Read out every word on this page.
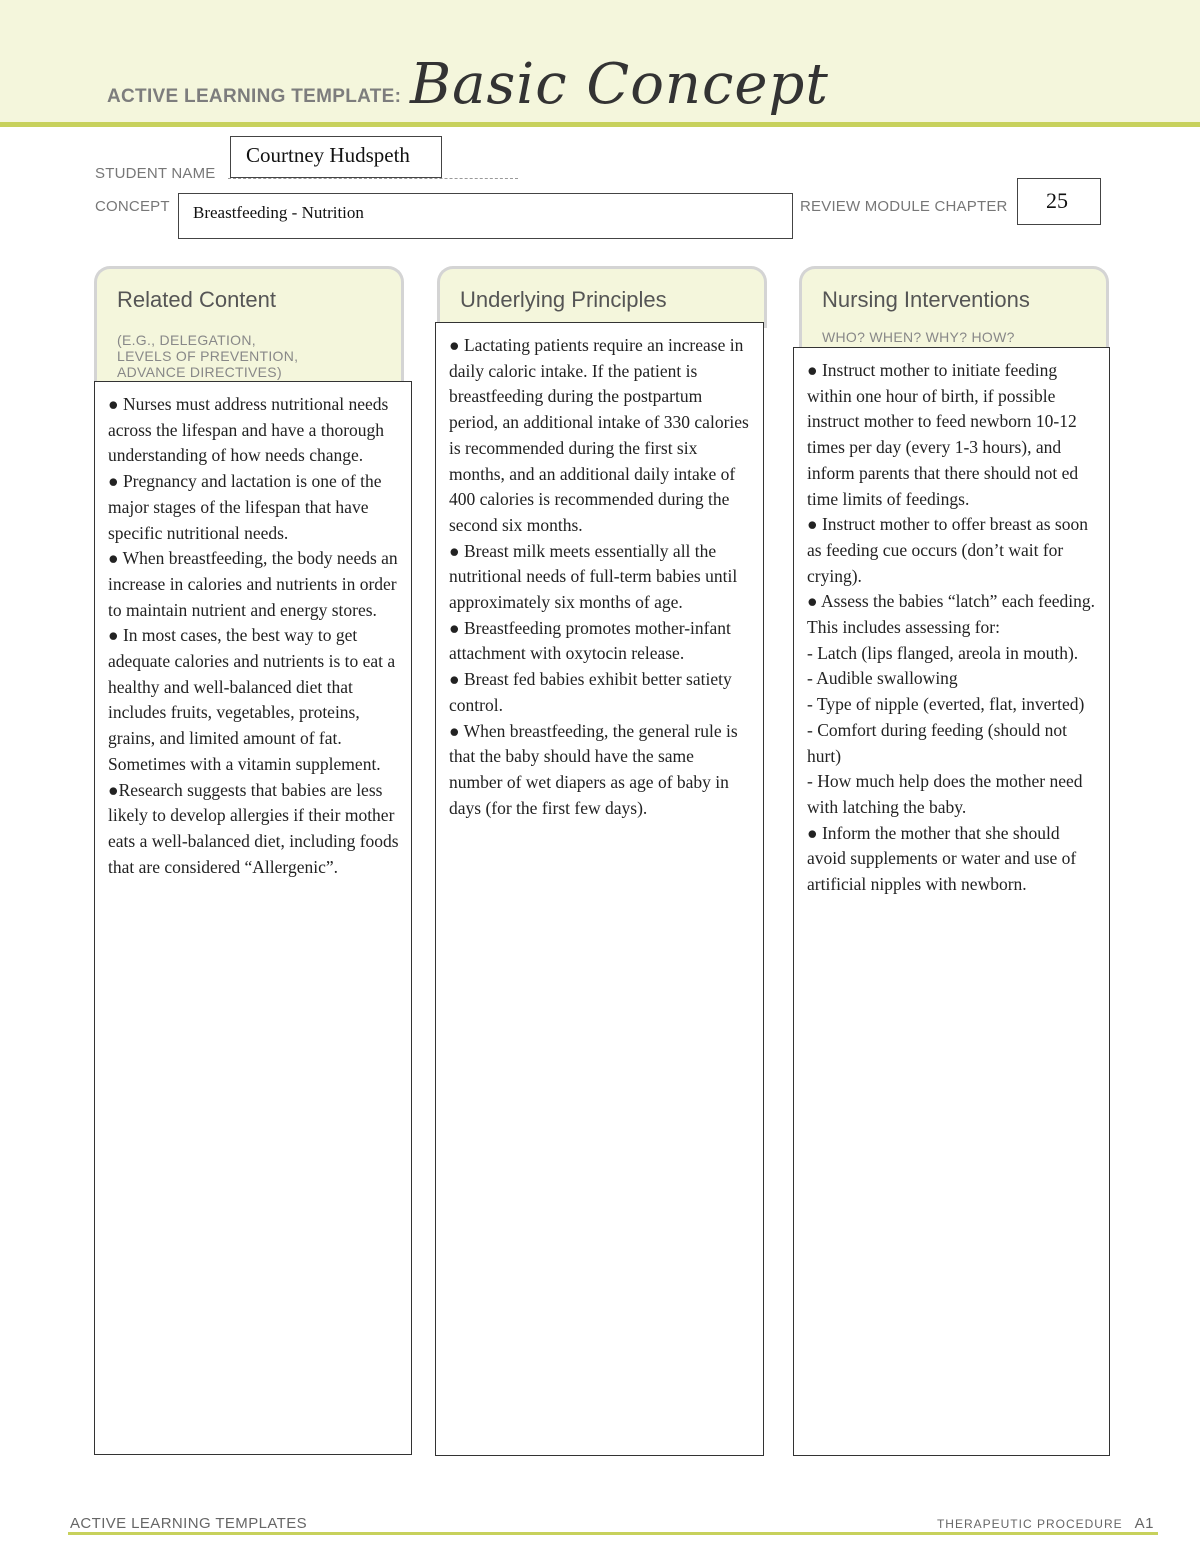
ACTIVE LEARNING TEMPLATE: Basic Concept
STUDENT NAME
Courtney Hudspeth
CONCEPT	Breastfeeding - Nutrition	REVIEW MODULE CHAPTER	25
Related Content
(E.G., DELEGATION,
LEVELS OF PREVENTION,
ADVANCE DIRECTIVES)

● Nurses must address nutritional needs across the lifespan and have a thorough understanding of how needs change.

● Pregnancy and lactation is one of the major stages of the lifespan that have specific nutritional needs.

● When breastfeeding, the body needs an increase in calories and nutrients in order to maintain nutrient and energy stores.

● In most cases, the best way to get adequate calories and nutrients is to eat a healthy and well-balanced diet that includes fruits, vegetables, proteins, grains, and limited amount of fat. Sometimes with a vitamin supplement.

●Research suggests that babies are less likely to develop allergies if their mother eats a well-balanced diet, including foods that are considered “Allergenic”.

Underlying Principles

● Lactating patients require an increase in daily caloric intake. If the patient is breastfeeding during the postpartum period, an additional intake of 330 calories is recommended during the first six months, and an additional daily intake of 400 calories is recommended during the second six months.

● Breast milk meets essentially all the nutritional needs of full-term babies until approximately six months of age.

● Breastfeeding promotes mother-infant attachment with oxytocin release.

● Breast fed babies exhibit better satiety control.

● When breastfeeding, the general rule is that the baby should have the same number of wet diapers as age of baby in days (for the first few days).

Nursing Interventions
WHO? WHEN? WHY? HOW?

● Instruct mother to initiate feeding within one hour of birth, if possible instruct mother to feed newborn 10-12 times per day (every 1-3 hours), and inform parents that there should not ed time limits of feedings.

● Instruct mother to offer breast as soon as feeding cue occurs (don’t wait for crying).

● Assess the babies “latch” each feeding. This includes assessing for:

- Latch (lips flanged, areola in mouth).

- Audible swallowing

- Type of nipple (everted, flat, inverted)

- Comfort during feeding (should not hurt)

- How much help does the mother need with latching the baby.

● Inform the mother that she should avoid supplements or water and use of artificial nipples with newborn.

ACTIVE LEARNING TEMPLATES	THERAPEUTIC PROCEDURE A1
